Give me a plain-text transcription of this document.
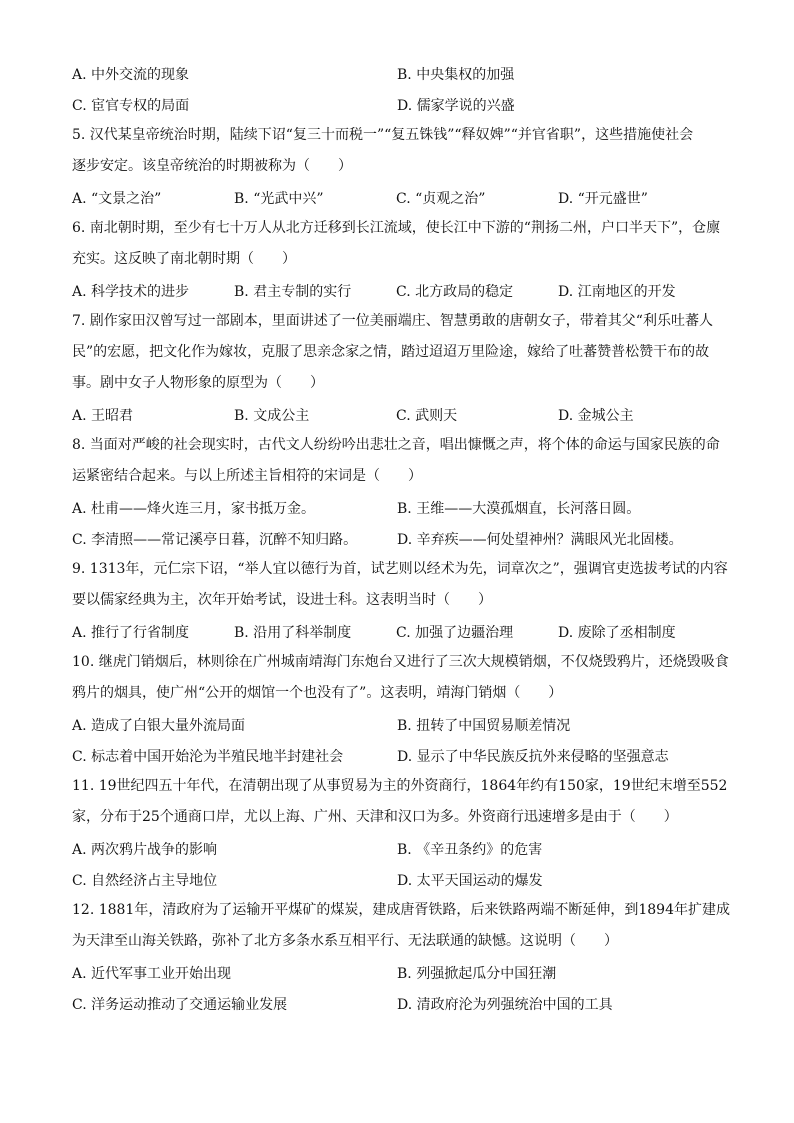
A. 中外交流的现象	B. 中央集权的加强
C. 宦官专权的局面	D. 儒家学说的兴盛

5. 汉代某皇帝统治时期，陆续下诏“复三十而税一”“复五铢钱”“释奴婢”“并官省职”，这些措施使社会

逐步安定。该皇帝统治的时期被称为（　　）

A. “文景之治”	B. “光武中兴”	C. “贞观之治”	D. “开元盛世”

6. 南北朝时期，至少有七十万人从北方迁移到长江流域，使长江中下游的“荆扬二州，户口半天下”，仓廪

充实。这反映了南北朝时期（　　）

A. 科学技术的进步	B. 君主专制的实行	C. 北方政局的稳定	D. 江南地区的开发

7. 剧作家田汉曾写过一部剧本，里面讲述了一位美丽端庄、智慧勇敢的唐朝女子，带着其父“利乐吐蕃人

民”的宏愿，把文化作为嫁妆，克服了思亲念家之情，踏过迢迢万里险途，嫁给了吐蕃赞普松赞干布的故

事。剧中女子人物形象的原型为（　　）

A. 王昭君	B. 文成公主	C. 武则天	D. 金城公主

8. 当面对严峻的社会现实时，古代文人纷纷吟出悲壮之音，唱出慷慨之声，将个体的命运与国家民族的命

运紧密结合起来。与以上所述主旨相符的宋词是（　　）

A. 杜甫——烽火连三月，家书抵万金。	B. 王维——大漠孤烟直，长河落日圆。
C. 李清照——常记溪亭日暮，沉醉不知归路。	D. 辛弃疾——何处望神州？满眼风光北固楼。

9. 1313年，元仁宗下诏，“举人宜以德行为首，试艺则以经术为先，词章次之”，强调官吏选拔考试的内容

要以儒家经典为主，次年开始考试，设进士科。这表明当时（　　）

A. 推行了行省制度	B. 沿用了科举制度	C. 加强了边疆治理	D. 废除了丞相制度

10. 继虎门销烟后，林则徐在广州城南靖海门东炮台又进行了三次大规模销烟，不仅烧毁鸦片，还烧毁吸食

鸦片的烟具，使广州“公开的烟馆一个也没有了”。这表明，靖海门销烟（　　）

A. 造成了白银大量外流局面	B. 扭转了中国贸易顺差情况
C. 标志着中国开始沦为半殖民地半封建社会	D. 显示了中华民族反抗外来侵略的坚强意志

11. 19世纪四五十年代，在清朝出现了从事贸易为主的外资商行，1864年约有150家，19世纪末增至552

家，分布于25个通商口岸，尤以上海、广州、天津和汉口为多。外资商行迅速增多是由于（　　）

A. 两次鸦片战争的影响	B. 《辛丑条约》的危害
C. 自然经济占主导地位	D. 太平天国运动的爆发

12. 1881年，清政府为了运输开平煤矿的煤炭，建成唐胥铁路，后来铁路两端不断延伸，到1894年扩建成

为天津至山海关铁路，弥补了北方多条水系互相平行、无法联通的缺憾。这说明（　　）

A. 近代军事工业开始出现	B. 列强掀起瓜分中国狂潮
C. 洋务运动推动了交通运输业发展	D. 清政府沦为列强统治中国的工具
